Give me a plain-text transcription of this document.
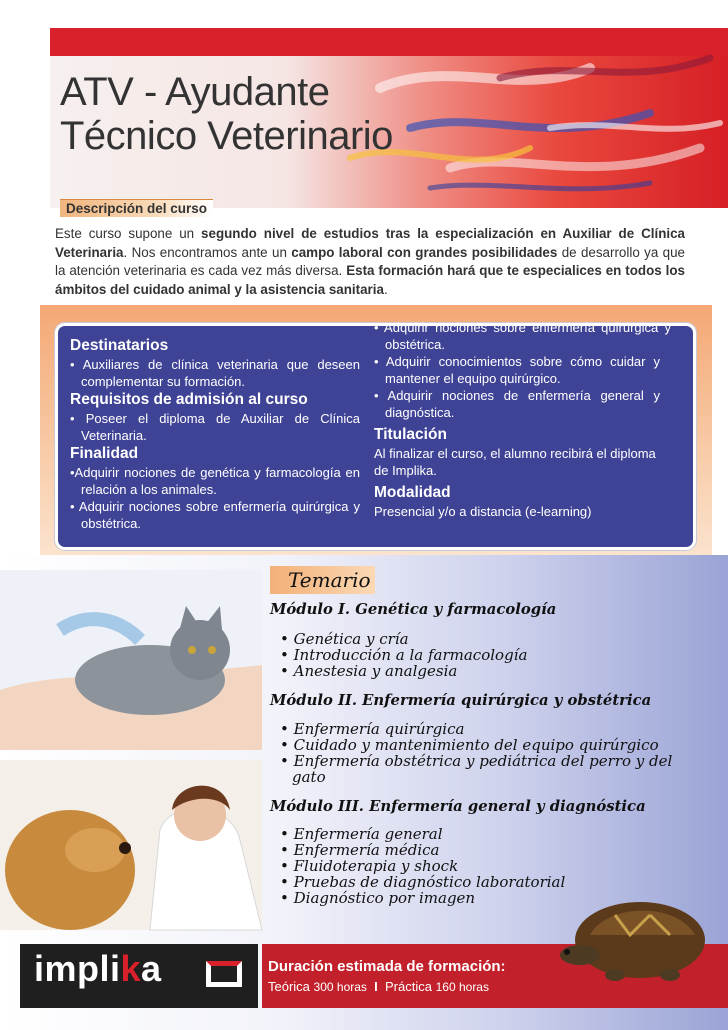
ATV - Ayudante
Técnico Veterinario
Descripción del curso

Este curso supone un segundo nivel de estudios tras la especialización en Auxiliar de Clínica Veterinaria. Nos encontramos ante un campo laboral con grandes posibilidades de desarrollo ya que la atención veterinaria es cada vez más diversa. Esta formación hará que te especialices en todos los ámbitos del cuidado animal y la asistencia sanitaria.

Destinatarios

• Auxiliares de clínica veterinaria que deseen complementar su formación.

Requisitos de admisión al curso

• Poseer el diploma de Auxiliar de Clínica Veterinaria.

Finalidad

•Adquirir nociones de genética y farmacología en relación a los animales.

• Adquirir nociones sobre enfermería quirúrgica y obstétrica.

• Adquirir nociones sobre enfermería quirúrgica y obstétrica.

• Adquirir conocimientos sobre cómo cuidar y mantener el equipo quirúrgico.

• Adquirir nociones de enfermería general y diagnóstica.

Titulación

Al finalizar el curso, el alumno recibirá el diploma de Implika.

Modalidad

Presencial y/o a distancia (e-learning)

Temario
Módulo I. Genética y farmacología
• Genética y cría
• Introducción a la farmacología
• Anestesia y analgesia
Módulo II. Enfermería quirúrgica y obstétrica
• Enfermería quirúrgica
• Cuidado y mantenimiento del equipo quirúrgico
• Enfermería obstétrica y pediátrica del perro y del gato
Módulo III. Enfermería general y diagnóstica
• Enfermería general
• Enfermería médica
• Fluidoterapia y shock
• Pruebas de diagnóstico laboratorial
• Diagnóstico por imagen
implika	Duración estimada de formación:
Teórica 300 horas I Práctica 160 horas
